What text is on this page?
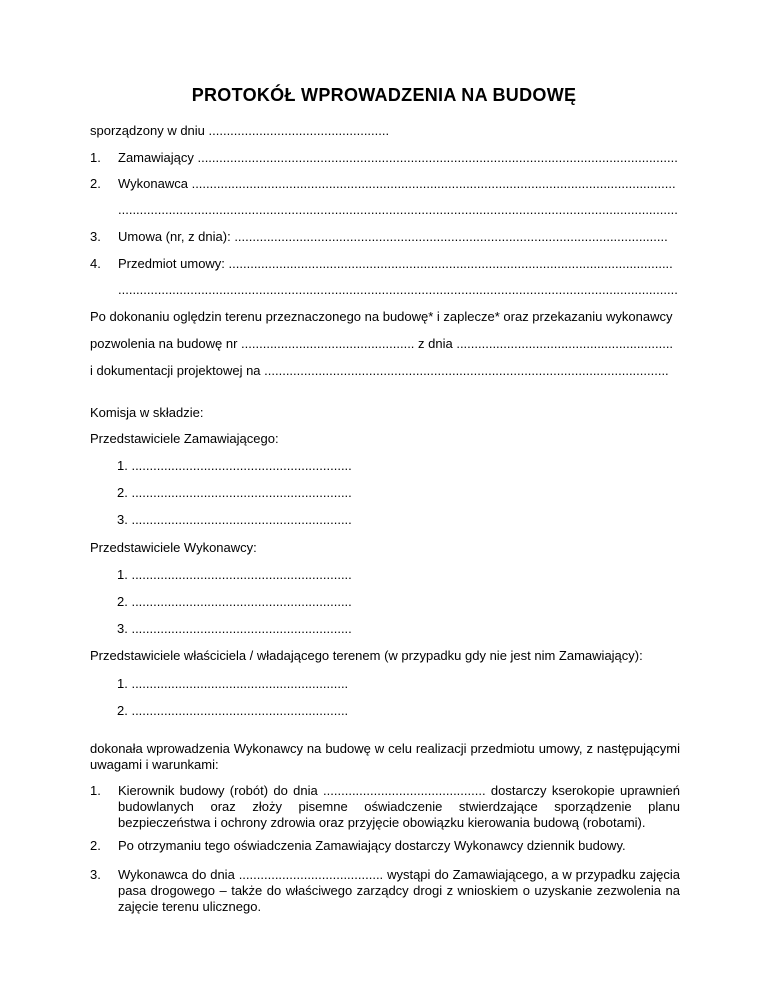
PROTOKÓŁ WPROWADZENIA NA BUDOWĘ
sporządzony w dniu ..................................................
1. Zamawiający .....................................................................................................................................
2. Wykonawca ......................................................................................................................................
...........................................................................................................................................................
3. Umowa (nr, z dnia): ........................................................................................................................
4. Przedmiot umowy: ...........................................................................................................................
...........................................................................................................................................................
Po dokonaniu oględzin terenu przeznaczonego na budowę* i zaplecze* oraz przekazaniu wykonawcy
pozwolenia na budowę nr ................................................ z dnia ............................................................
i dokumentacji projektowej na ................................................................................................................
Komisja w składzie:
Przedstawiciele Zamawiającego:
1. .............................................................
2. .............................................................
3. .............................................................
Przedstawiciele Wykonawcy:
1. .............................................................
2. .............................................................
3. .............................................................
Przedstawiciele właściciela / władającego terenem (w przypadku gdy nie jest nim Zamawiający):
1. ............................................................
2. ............................................................
dokonała wprowadzenia Wykonawcy na budowę w celu realizacji przedmiotu umowy, z następującymi uwagami i warunkami:
1. Kierownik budowy (robót) do dnia ............................................. dostarczy kserokopie uprawnień budowlanych oraz złoży pisemne oświadczenie stwierdzające sporządzenie planu bezpieczeństwa i ochrony zdrowia oraz przyjęcie obowiązku kierowania budową (robotami).
2. Po otrzymaniu tego oświadczenia Zamawiający dostarczy Wykonawcy dziennik budowy.
3. Wykonawca do dnia ........................................ wystąpi do Zamawiającego, a w przypadku zajęcia pasa drogowego – także do właściwego zarządcy drogi z wnioskiem o uzyskanie zezwolenia na zajęcie terenu ulicznego.
